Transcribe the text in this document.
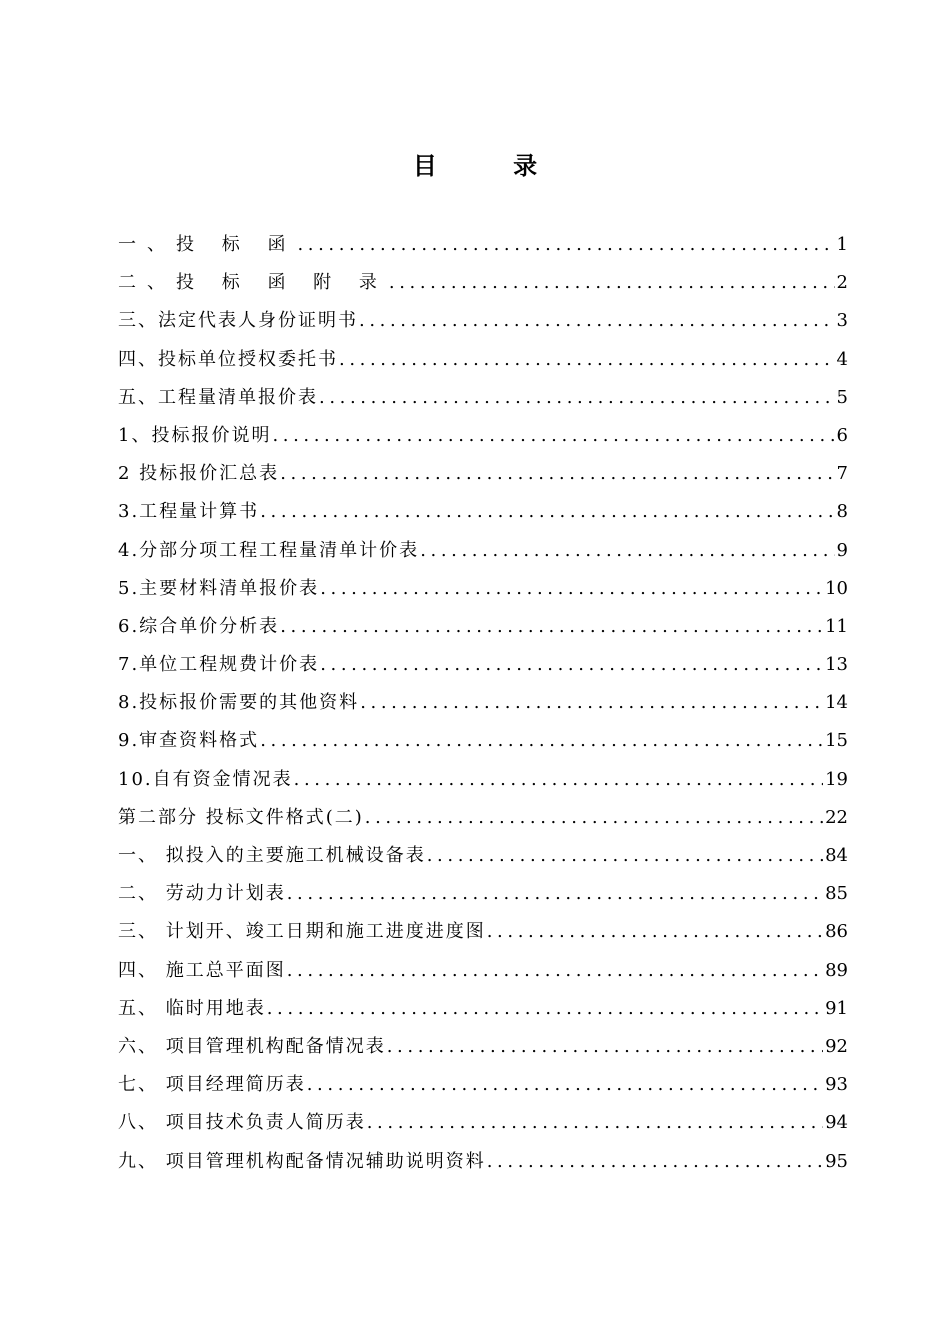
目 录
一、投 标 函 .....	1
二、投 标 函 附 录 .....	2
三、法定代表人身份证明书 .....	3
四、投标单位授权委托书 .....	4
五、工程量清单报价表 .....	5
1、投标报价说明 .....	6
2 投标报价汇总表 .....	7
3.工程量计算书 .....	8
4.分部分项工程工程量清单计价表 .....	9
5.主要材料清单报价表 .....	10
6.综合单价分析表 .....	11
7.单位工程规费计价表 .....	13
8.投标报价需要的其他资料 .....	14
9.审查资料格式 .....	15
10.自有资金情况表 .....	19
第二部分 投标文件格式(二) .....	22
一、 拟投入的主要施工机械设备表 .....	84
二、 劳动力计划表 .....	85
三、 计划开、竣工日期和施工进度进度图 .....	86
四、 施工总平面图 .....	89
五、 临时用地表 .....	91
六、 项目管理机构配备情况表 .....	92
七、 项目经理简历表 .....	93
八、 项目技术负责人简历表 .....	94
九、 项目管理机构配备情况辅助说明资料 .....	95
